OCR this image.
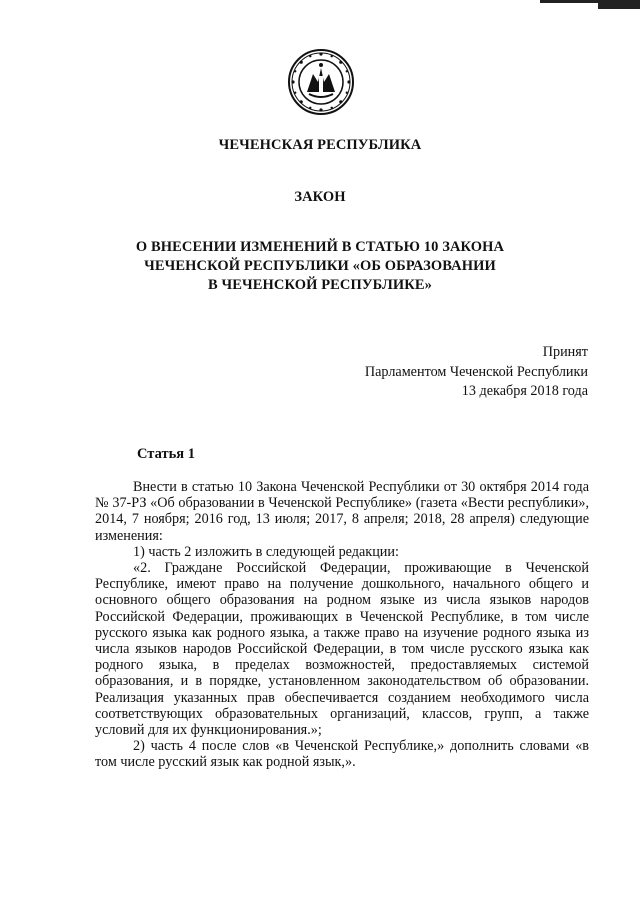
ЧЕЧЕНСКАЯ РЕСПУБЛИКА
ЗАКОН
О ВНЕСЕНИИ ИЗМЕНЕНИЙ В СТАТЬЮ 10 ЗАКОНА
ЧЕЧЕНСКОЙ РЕСПУБЛИКИ «ОБ ОБРАЗОВАНИИ
В ЧЕЧЕНСКОЙ РЕСПУБЛИКЕ»
Принят
Парламентом Чеченской Республики
13 декабря 2018 года
Статья 1

Внести в статью 10 Закона Чеченской Республики от 30 октября 2014 года № 37-РЗ «Об образовании в Чеченской Республике» (газета «Вести республики», 2014, 7 ноября; 2016 год, 13 июля; 2017, 8 апреля; 2018, 28 апреля) следующие изменения:

1) часть 2 изложить в следующей редакции:

«2. Граждане Российской Федерации, проживающие в Чеченской Республике, имеют право на получение дошкольного, начального общего и основного общего образования на родном языке из числа языков народов Российской Федерации, проживающих в Чеченской Республике, в том числе русского языка как родного языка, а также право на изучение родного языка из числа языков народов Российской Федерации, в том числе русского языка как родного языка, в пределах возможностей, предоставляемых системой образования, и в порядке, установленном законодательством об образовании. Реализация указанных прав обеспечивается созданием необходимого числа соответствующих образовательных организаций, классов, групп, а также условий для их функционирования.»;

2) часть 4 после слов «в Чеченской Республике,» дополнить словами «в том числе русский язык как родной язык,».
